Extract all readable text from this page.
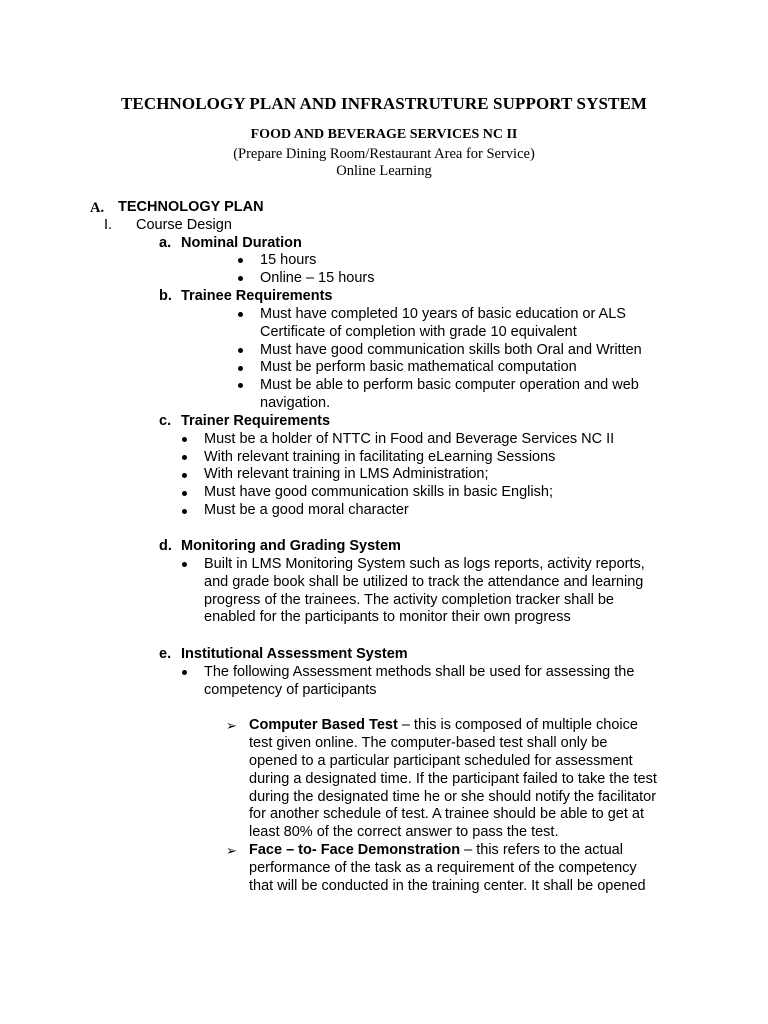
TECHNOLOGY PLAN AND INFRASTRUTURE SUPPORT SYSTEM
FOOD AND BEVERAGE SERVICES NC II
(Prepare Dining Room/Restaurant Area for Service)
Online Learning
A. TECHNOLOGY PLAN
I. Course Design
a. Nominal Duration
15 hours
Online – 15 hours
b. Trainee Requirements
Must have completed 10 years of basic education or ALS
Certificate of completion with grade 10 equivalent
Must have good communication skills both Oral and Written
Must be perform basic mathematical computation
Must be able to perform basic computer operation and web
navigation.
c. Trainer Requirements
Must be a holder of NTTC in Food and Beverage Services NC II
With relevant training in facilitating eLearning Sessions
With relevant training in LMS Administration;
Must have good communication skills in basic English;
Must be a good moral character
d. Monitoring and Grading System
Built in LMS Monitoring System such as logs reports, activity reports,
and grade book shall be utilized to track the attendance and learning
progress of the trainees. The activity completion tracker shall be
enabled for the participants to monitor their own progress
e. Institutional Assessment System
The following Assessment methods shall be used for assessing the
competency of participants
➢ Computer Based Test – this is composed of multiple choice
test given online. The computer-based test shall only be
opened to a particular participant scheduled for assessment
during a designated time. If the participant failed to take the test
during the designated time he or she should notify the facilitator
for another schedule of test. A trainee should be able to get at
least 80% of the correct answer to pass the test.
➢ Face – to- Face Demonstration – this refers to the actual
performance of the task as a requirement of the competency
that will be conducted in the training center. It shall be opened
